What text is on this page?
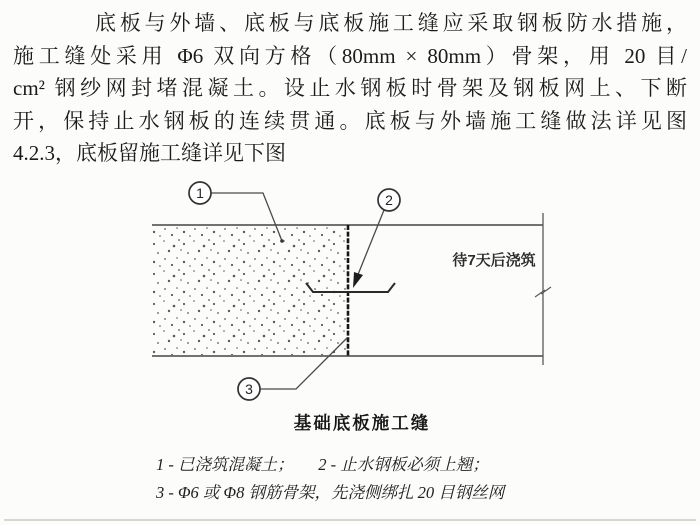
底板与外墙、底板与底板施工缝应采取钢板防水措施，
施工缝处采用 Φ6 双向方格（80mm × 80mm）骨架，用 20 目/
cm² 钢纱网封堵混凝土。设止水钢板时骨架及钢板网上、下断
开，保持止水钢板的连续贯通。底板与外墙施工缝做法详见图
4.2.3，底板留施工缝详见下图
1	2
3
待7天后浇筑
基础底板施工缝
1 - 已浇筑混凝土；　　2 - 止水钢板必须上翘；
3 - Φ6 或 Φ8 钢筋骨架，先浇侧绑扎 20 目钢丝网
